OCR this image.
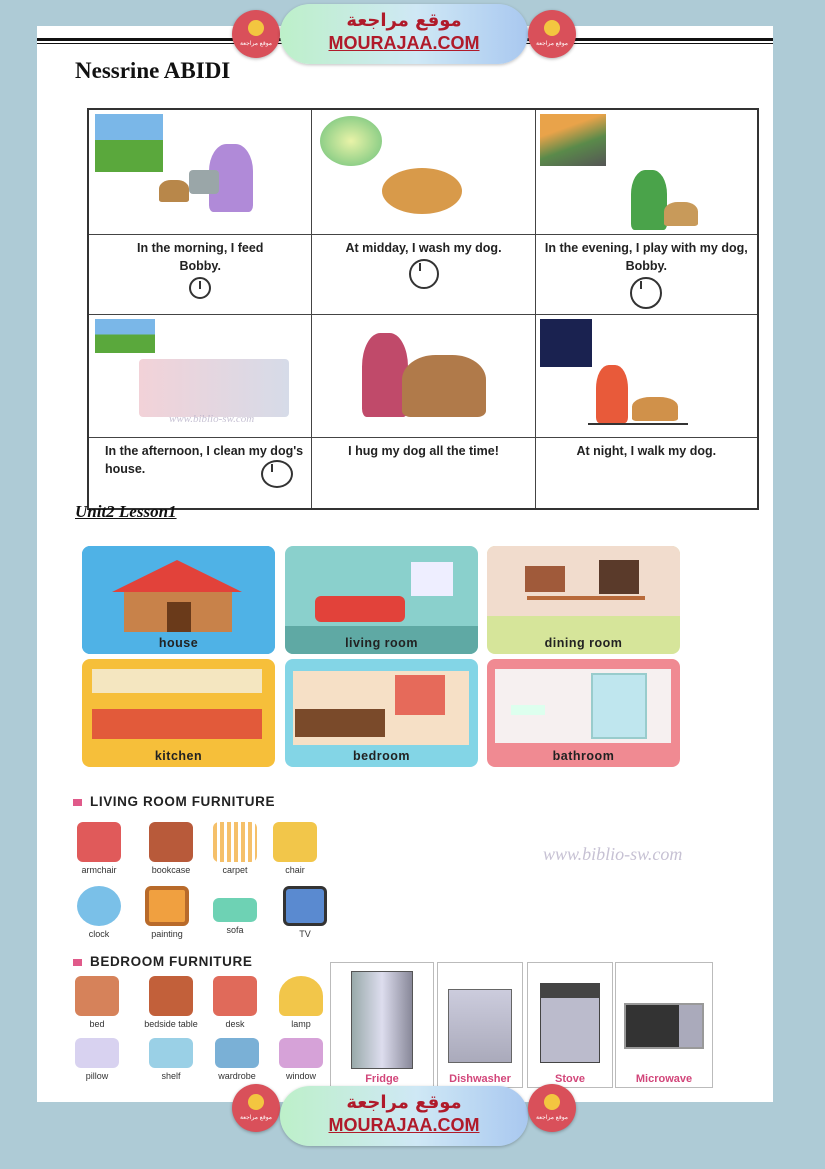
Nessrine ABIDI

In the morning, I feed Bobby.	At midday, I wash my dog.	In the evening, I play with my dog, Bobby.

www.biblio-sw.com		

In the afternoon, I clean my dog's house.	I hug my dog all the time!	At night, I walk my dog.
Unit2 Lesson1
house	living room	dining room
kitchen	bedroom	bathroom
LIVING ROOM FURNITURE
armchair	bookcase	carpet	chair
clock	painting	sofa	TV
www.biblio-sw.com
BEDROOM FURNITURE
bed	bedside table	desk	lamp
pillow	shelf	wardrobe	window	Fridge	Dishwasher	Stove	Microwave
موقع مراجعة
موقع مراجعة
MOURAJAA.COM	موقع مراجعة
موقع مراجعة
موقع مراجعة
MOURAJAA.COM	موقع مراجعة
